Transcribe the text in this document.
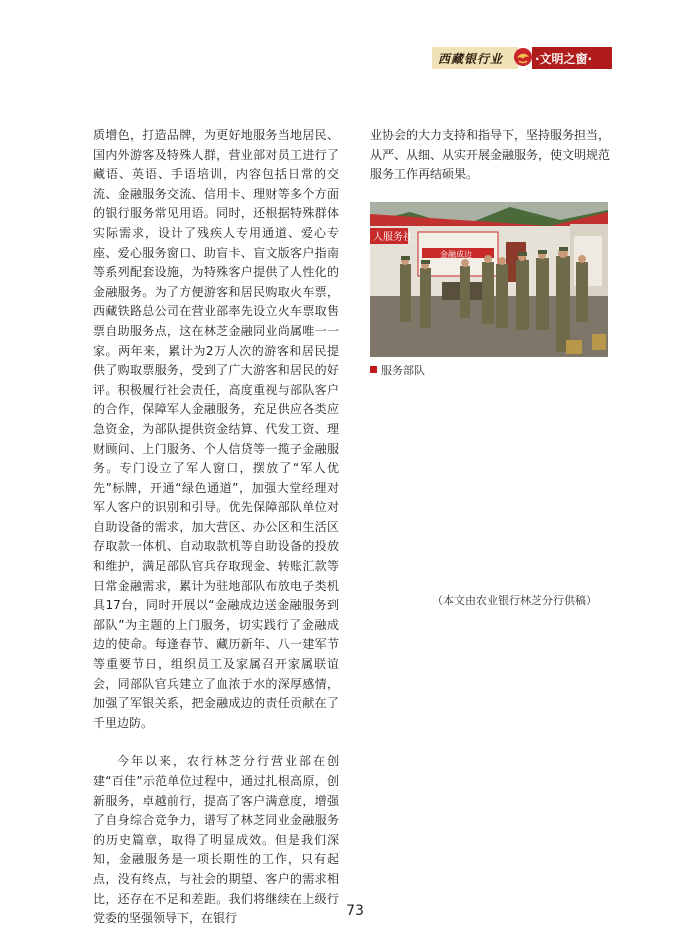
西藏银行业	·文明之窗·

质增色，打造品牌，为更好地服务当地居民、国内外游客及特殊人群，营业部对员工进行了藏语、英语、手语培训，内容包括日常的交流、金融服务交流、信用卡、理财等多个方面的银行服务常见用语。同时，还根据特殊群体实际需求，设计了残疾人专用通道、爱心专座、爱心服务窗口、助盲卡、盲文版客户指南等系列配套设施，为特殊客户提供了人性化的金融服务。为了方便游客和居民购取火车票，西藏铁路总公司在营业部率先设立火车票取售票自助服务点，这在林芝金融同业尚属唯一一家。两年来，累计为2万人次的游客和居民提供了购取票服务，受到了广大游客和居民的好评。积极履行社会责任，高度重视与部队客户的合作，保障军人金融服务，充足供应各类应急资金，为部队提供资金结算、代发工资、理财顾问、上门服务、个人信贷等一揽子金融服务。专门设立了军人窗口，摆放了“军人优先”标牌，开通“绿色通道”，加强大堂经理对军人客户的识别和引导。优先保障部队单位对自助设备的需求，加大营区、办公区和生活区存取款一体机、自动取款机等自助设备的投放和维护，满足部队官兵存取现金、转账汇款等日常金融需求，累计为驻地部队布放电子类机具17台，同时开展以“金融成边送金融服务到部队”为主题的上门服务，切实践行了金融成边的使命。每逢春节、藏历新年、八一建军节等重要节日，组织员工及家属召开家属联谊会，同部队官兵建立了血浓于水的深厚感情，加强了军银关系，把金融成边的责任贡献在了千里边防。

今年以来，农行林芝分行营业部在创建“百佳”示范单位过程中，通过扎根高原，创新服务，卓越前行，提高了客户满意度，增强了自身综合竞争力，谱写了林芝同业金融服务的历史篇章，取得了明显成效。但是我们深知，金融服务是一项长期性的工作，只有起点，没有终点，与社会的期望、客户的需求相比，还存在不足和差距。我们将继续在上级行党委的坚强领导下，在银行

业协会的大力支持和指导下，坚持服务担当，从严、从细、从实开展金融服务，使文明规范服务工作再结硕果。

人服务社
金融成边
服务部队
（本文由农业银行林芝分行供稿）
73
